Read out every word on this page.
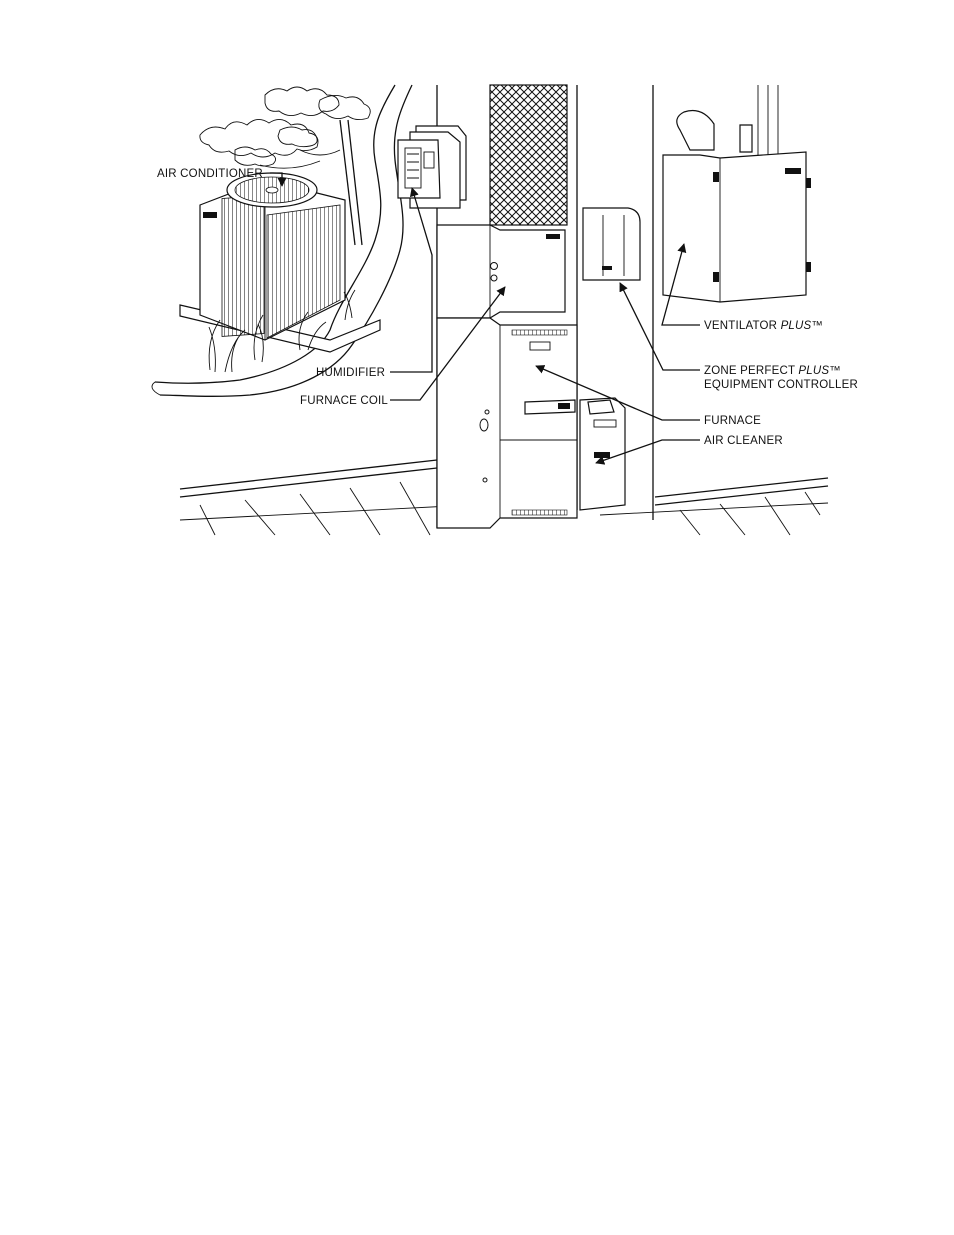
AIR CONDITIONER
HUMIDIFIER
FURNACE COIL
VENTILATOR PLUS™
ZONE PERFECT PLUS™
EQUIPMENT CONTROLLER
FURNACE
AIR CLEANER
